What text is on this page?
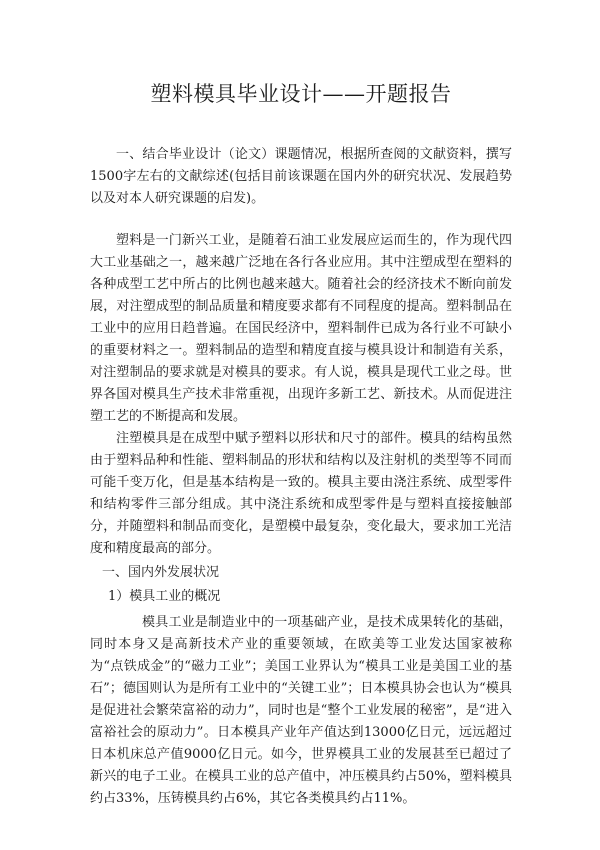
塑料模具毕业设计——开题报告

一、结合毕业设计（论文）课题情况，根据所查阅的文献资料，撰写1500字左右的文献综述(包括目前该课题在国内外的研究状况、发展趋势以及对本人研究课题的启发)。

塑料是一门新兴工业，是随着石油工业发展应运而生的，作为现代四大工业基础之一，越来越广泛地在各行各业应用。其中注塑成型在塑料的各种成型工艺中所占的比例也越来越大。随着社会的经济技术不断向前发展，对注塑成型的制品质量和精度要求都有不同程度的提高。塑料制品在工业中的应用日趋普遍。在国民经济中，塑料制件已成为各行业不可缺小的重要材料之一。塑料制品的造型和精度直接与模具设计和制造有关系，对注塑制品的要求就是对模具的要求。有人说，模具是现代工业之母。世界各国对模具生产技术非常重视，出现许多新工艺、新技术。从而促进注塑工艺的不断提高和发展。

注塑模具是在成型中赋予塑料以形状和尺寸的部件。模具的结构虽然由于塑料品种和性能、塑料制品的形状和结构以及注射机的类型等不同而可能千变万化，但是基本结构是一致的。模具主要由浇注系统、成型零件和结构零件三部分组成。其中浇注系统和成型零件是与塑料直接接触部分，并随塑料和制品而变化，是塑模中最复杂，变化最大，要求加工光洁度和精度最高的部分。

一、国内外发展状况
1）模具工业的概况

模具工业是制造业中的一项基础产业，是技术成果转化的基础，同时本身又是高新技术产业的重要领域，在欧美等工业发达国家被称为“点铁成金”的“磁力工业”；美国工业界认为“模具工业是美国工业的基石”；德国则认为是所有工业中的“关键工业”；日本模具协会也认为“模具是促进社会繁荣富裕的动力”，同时也是“整个工业发展的秘密”，是“进入富裕社会的原动力”。日本模具产业年产值达到13000亿日元，远远超过日本机床总产值9000亿日元。如今，世界模具工业的发展甚至已超过了新兴的电子工业。在模具工业的总产值中，冲压模具约占50%，塑料模具约占33%，压铸模具约占6%，其它各类模具约占11%。
